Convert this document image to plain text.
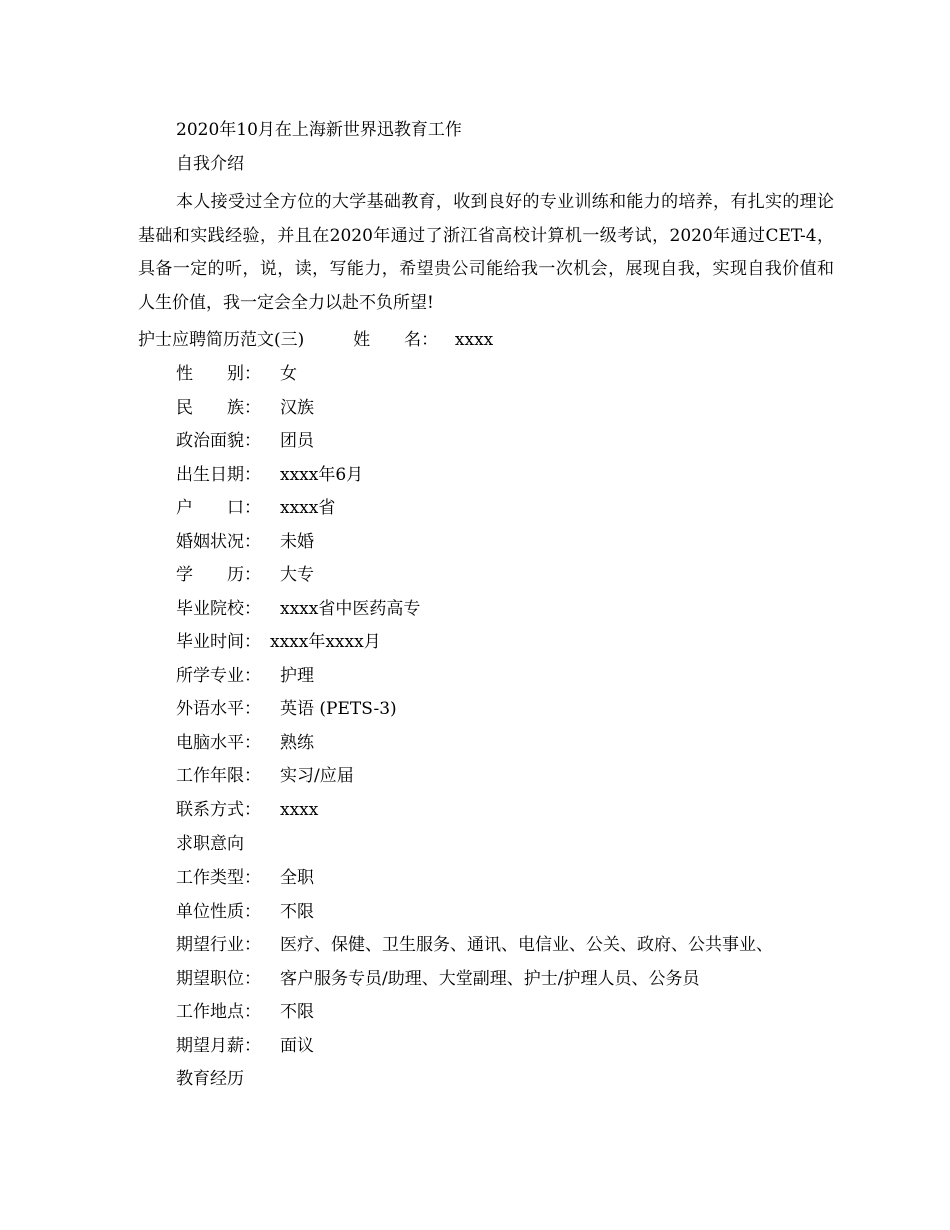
2020年10月在上海新世界迅教育工作
自我介绍
本人接受过全方位的大学基础教育，收到良好的专业训练和能力的培养，有扎实的理论基础和实践经验，并且在2020年通过了浙江省高校计算机一级考试，2020年通过CET-4，具备一定的听，说，读，写能力，希望贵公司能给我一次机会，展现自我，实现自我价值和人生价值，我一定会全力以赴不负所望!
护士应聘简历范文(三)	姓　　名： xxxx
性　　别： 女
民　　族： 汉族
政治面貌： 团员
出生日期： xxxx年6月
户　　口： xxxx省
婚姻状况： 未婚
学　　历： 大专
毕业院校： xxxx省中医药高专
毕业时间： xxxx年xxxx月
所学专业： 护理
外语水平： 英语 (PETS-3)
电脑水平： 熟练
工作年限： 实习/应届
联系方式： xxxx
求职意向
工作类型： 全职
单位性质： 不限
期望行业： 医疗、保健、卫生服务、通讯、电信业、公关、政府、公共事业、
期望职位： 客户服务专员/助理、大堂副理、护士/护理人员、公务员
工作地点： 不限
期望月薪： 面议
教育经历
